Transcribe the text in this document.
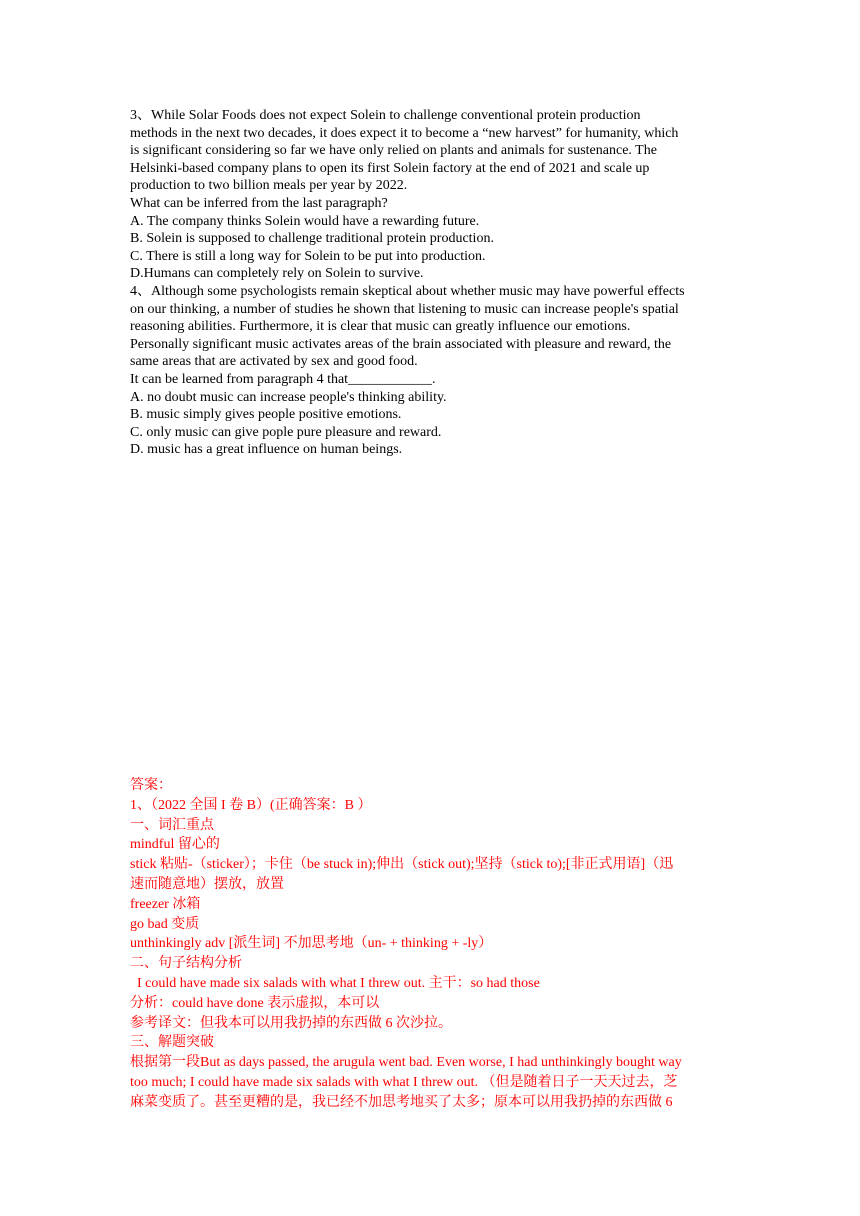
3、While Solar Foods does not expect Solein to challenge conventional protein production
methods in the next two decades, it does expect it to become a “new harvest” for humanity, which
is significant considering so far we have only relied on plants and animals for sustenance. The
Helsinki-based company plans to open its first Solein factory at the end of 2021 and scale up
production to two billion meals per year by 2022.
What can be inferred from the last paragraph?
A. The company thinks Solein would have a rewarding future.
B. Solein is supposed to challenge traditional protein production.
C. There is still a long way for Solein to be put into production.
D.Humans can completely rely on Solein to survive.
4、Although some psychologists remain skeptical about whether music may have powerful effects
on our thinking, a number of studies he shown that listening to music can increase people's spatial
reasoning abilities. Furthermore, it is clear that music can greatly influence our emotions.
Personally significant music activates areas of the brain associated with pleasure and reward, the
same areas that are activated by sex and good food.
It can be learned from paragraph 4 that____________.
A. no doubt music can increase people's thinking ability.
B. music simply gives people positive emotions.
C. only music can give pople pure pleasure and reward.
D. music has a great influence on human beings.
答案：
1、（2022 全国 I 卷 B）(正确答案：B ）
一、词汇重点
mindful 留心的
stick 粘贴-（sticker）；卡住（be stuck in);伸出（stick out);坚持（stick to);[非正式用语]（迅
速而随意地）摆放，放置
freezer 冰箱
go bad 变质
unthinkingly adv [派生词] 不加思考地（un- + thinking + -ly）
二、句子结构分析
I could have made six salads with what I threw out. 主干：so had those
分析：could have done 表示虚拟，本可以
参考译文：但我本可以用我扔掉的东西做 6 次沙拉。
三、解题突破
根据第一段But as days passed, the arugula went bad. Even worse, I had unthinkingly bought way
too much; I could have made six salads with what I threw out. （但是随着日子一天天过去，芝
麻菜变质了。甚至更糟的是，我已经不加思考地买了太多；原本可以用我扔掉的东西做 6
